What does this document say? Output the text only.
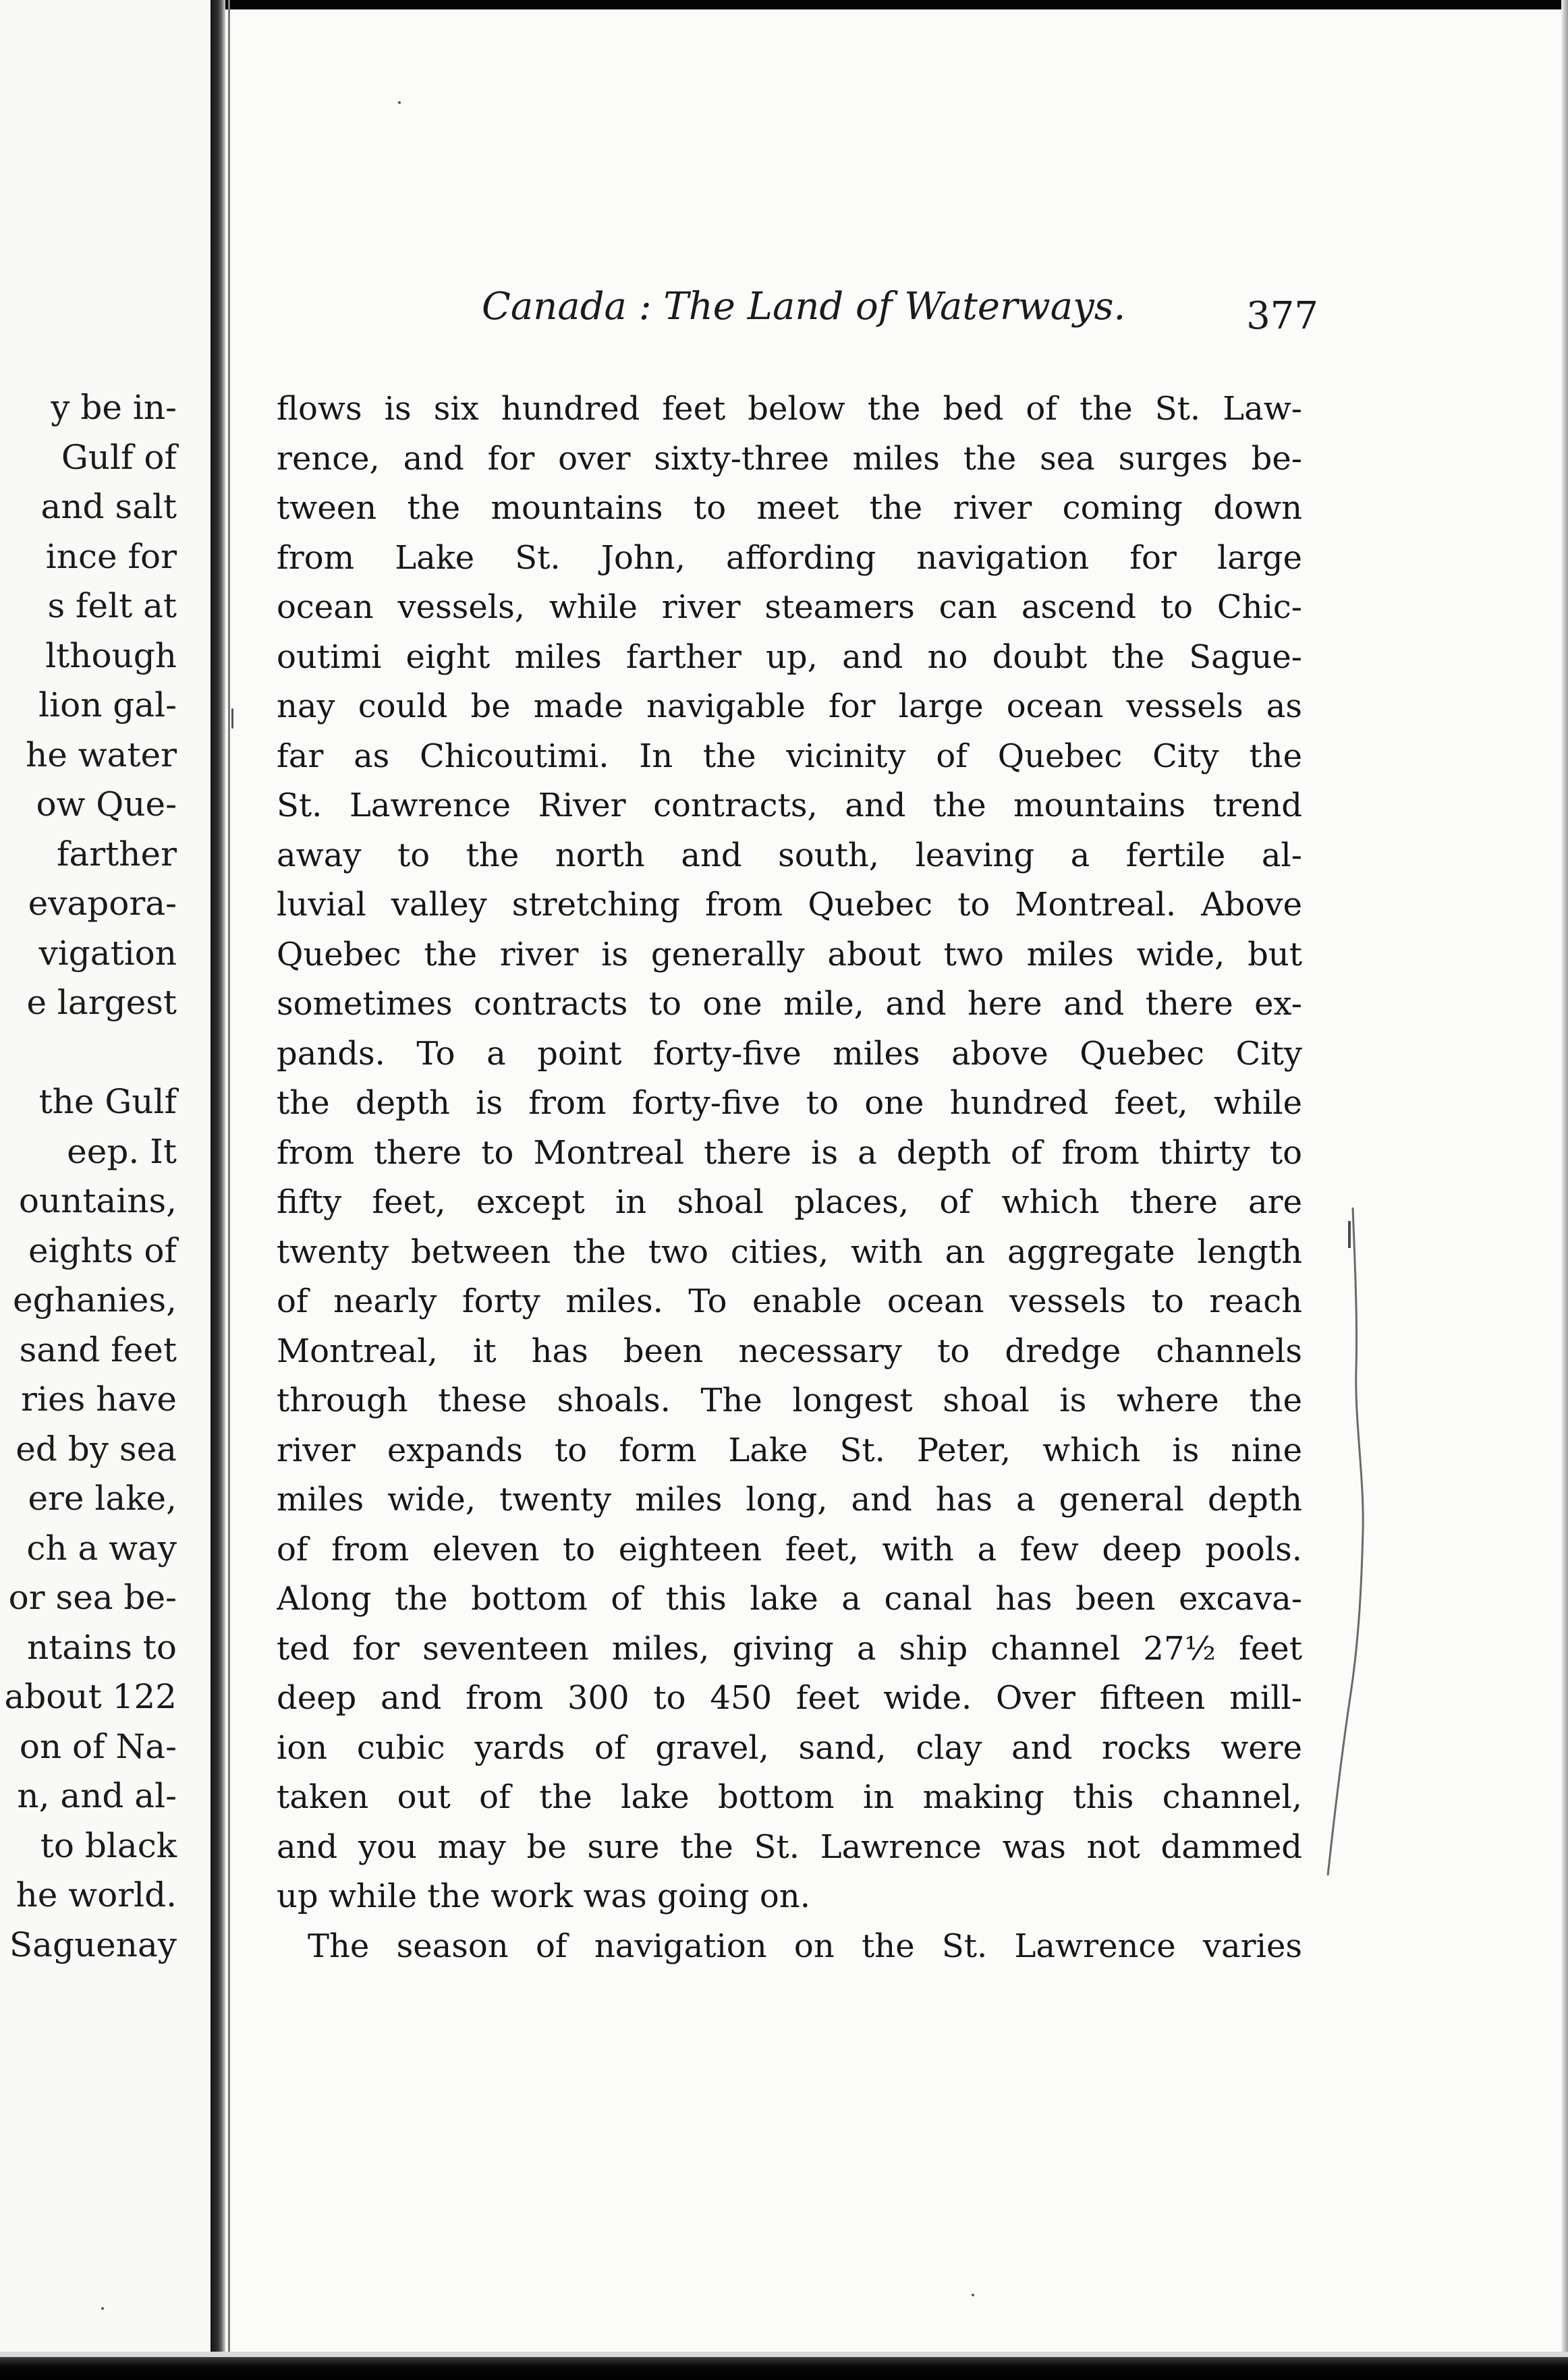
y be in-
Gulf of
and salt
ince for
s felt at
lthough
lion gal-
he water
ow Que-
farther
evapora-
vigation
e largest
the Gulf
eep. It
ountains,
eights of
eghanies,
sand feet
ries have
ed by sea
ere lake,
ch a way
or sea be-
ntains to
about 122
on of Na-
n, and al-
to black
he world.
Saguenay
Canada : The Land of Waterways.	377
flows is six hundred feet below the bed of the St. Law-
rence, and for over sixty-three miles the sea surges be-
tween the mountains to meet the river coming down
from Lake St. John, affording navigation for large
ocean vessels, while river steamers can ascend to Chic-
outimi eight miles farther up, and no doubt the Sague-
nay could be made navigable for large ocean vessels as
far as Chicoutimi. In the vicinity of Quebec City the
St. Lawrence River contracts, and the mountains trend
away to the north and south, leaving a fertile al-
luvial valley stretching from Quebec to Montreal. Above
Quebec the river is generally about two miles wide, but
sometimes contracts to one mile, and here and there ex-
pands. To a point forty-five miles above Quebec City
the depth is from forty-five to one hundred feet, while
from there to Montreal there is a depth of from thirty to
fifty feet, except in shoal places, of which there are
twenty between the two cities, with an aggregate length
of nearly forty miles. To enable ocean vessels to reach
Montreal, it has been necessary to dredge channels
through these shoals. The longest shoal is where the
river expands to form Lake St. Peter, which is nine
miles wide, twenty miles long, and has a general depth
of from eleven to eighteen feet, with a few deep pools.
Along the bottom of this lake a canal has been excava-
ted for seventeen miles, giving a ship channel 27½ feet
deep and from 300 to 450 feet wide. Over fifteen mill-
ion cubic yards of gravel, sand, clay and rocks were
taken out of the lake bottom in making this channel,
and you may be sure the St. Lawrence was not dammed
up while the work was going on.
The season of navigation on the St. Lawrence varies
